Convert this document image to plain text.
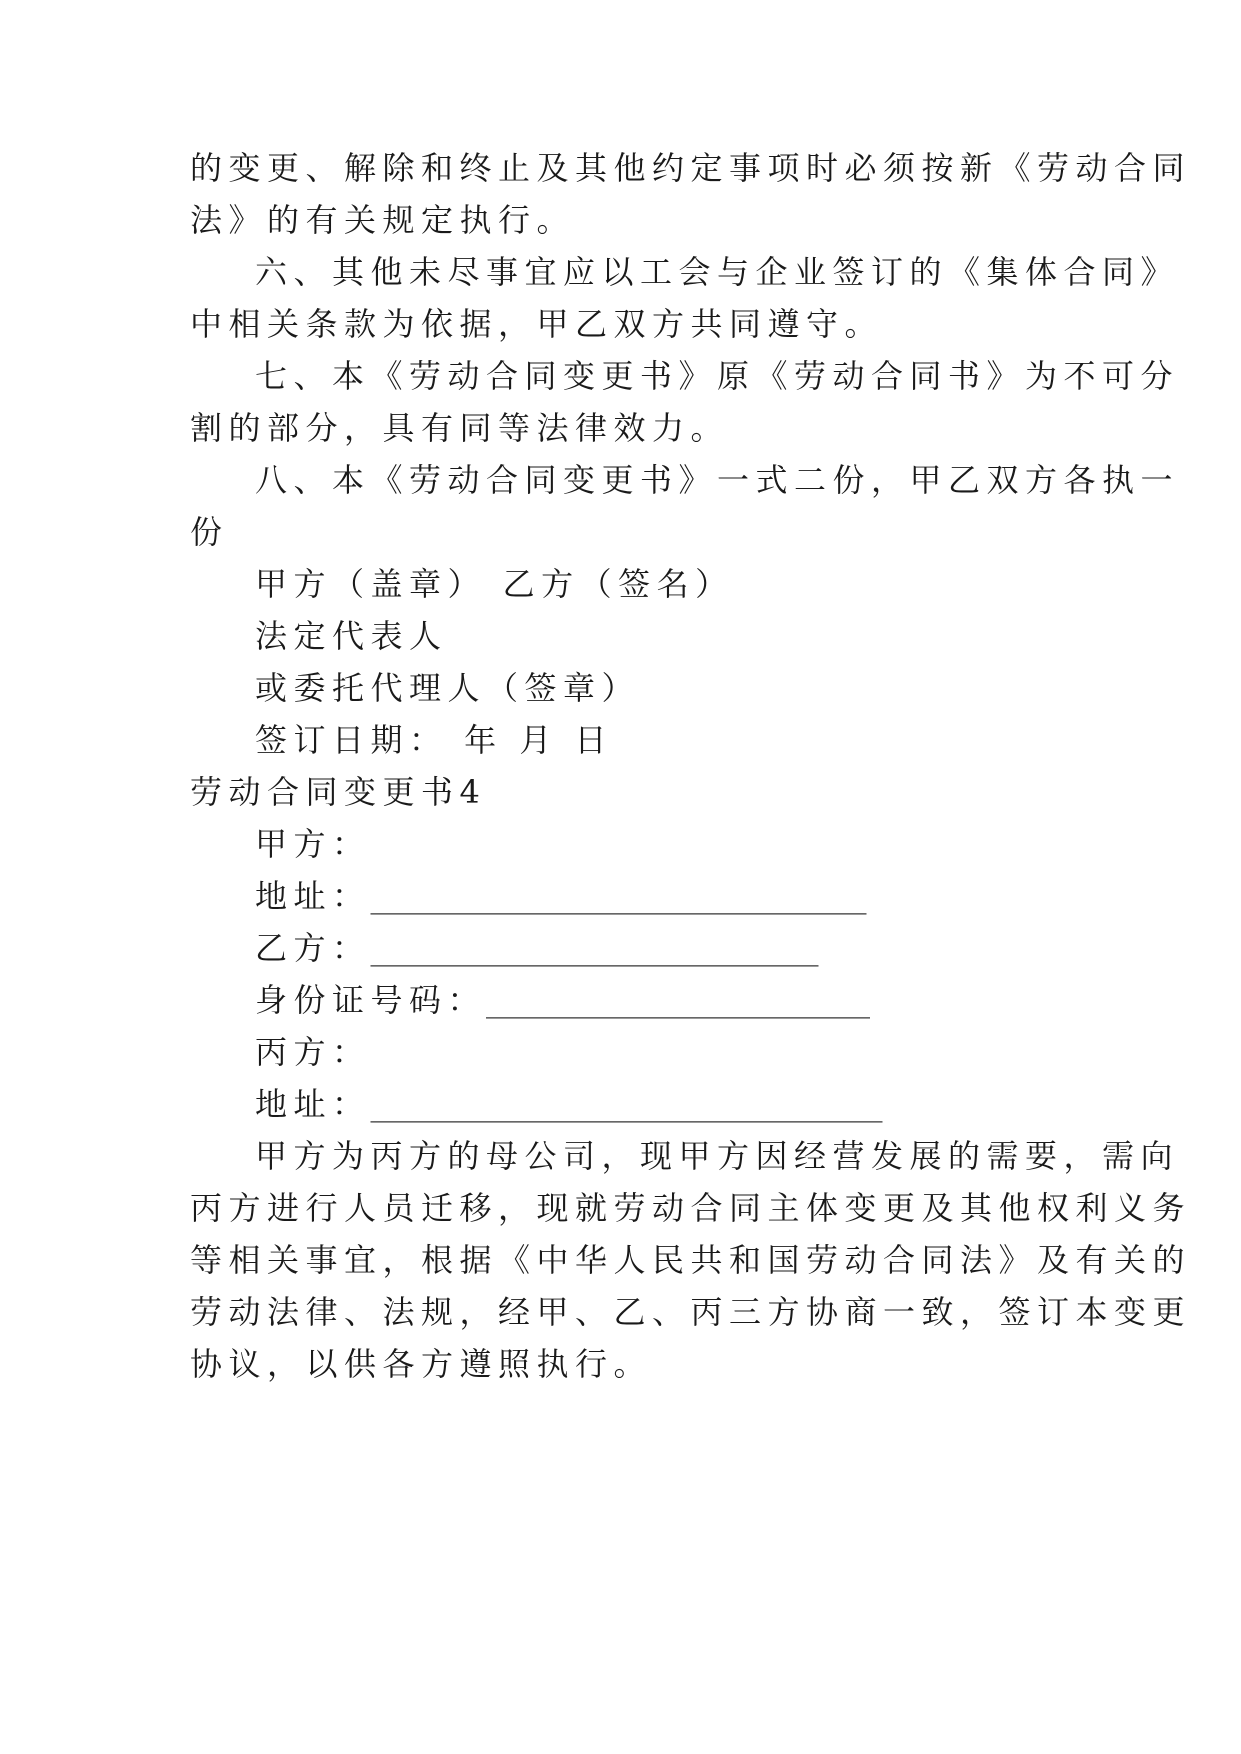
的变更、解除和终止及其他约定事项时必须按新《劳动合同
法》的有关规定执行。
六、其他未尽事宜应以工会与企业签订的《集体合同》
中相关条款为依据，甲乙双方共同遵守。
七、本《劳动合同变更书》原《劳动合同书》为不可分
割的部分，具有同等法律效力。
八、本《劳动合同变更书》一式二份，甲乙双方各执一
份
甲方（盖章） 乙方（签名）
法定代表人
或委托代理人（签章）
签订日期： 年 月 日
劳动合同变更书4
甲方：
地址：_______________________________
乙方：____________________________
身份证号码：________________________
丙方：
地址：________________________________
甲方为丙方的母公司，现甲方因经营发展的需要，需向
丙方进行人员迁移，现就劳动合同主体变更及其他权利义务
等相关事宜，根据《中华人民共和国劳动合同法》及有关的
劳动法律、法规，经甲、乙、丙三方协商一致，签订本变更
协议，以供各方遵照执行。
